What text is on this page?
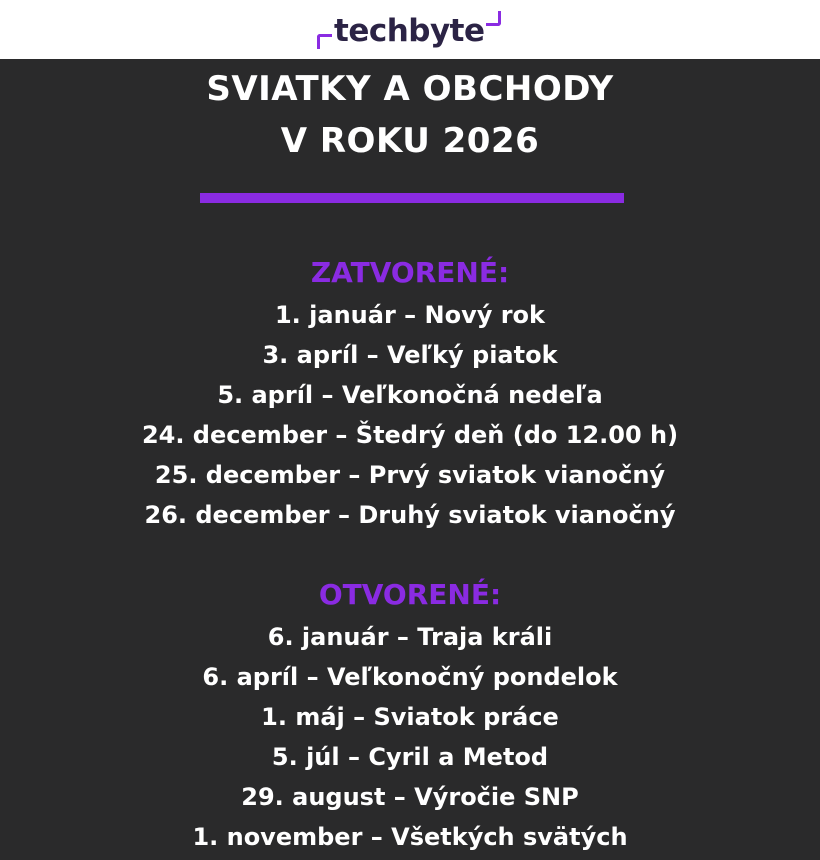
techbyte
SVIATKY A OBCHODY
V ROKU 2026
ZATVORENÉ:
1. január – Nový rok
3. apríl – Veľký piatok
5. apríl – Veľkonočná nedeľa
24. december – Štedrý deň (do 12.00 h)
25. december – Prvý sviatok vianočný
26. december – Druhý sviatok vianočný
OTVORENÉ:
6. január – Traja králi
6. apríl – Veľkonočný pondelok
1. máj – Sviatok práce
5. júl – Cyril a Metod
29. august – Výročie SNP
1. november – Všetkých svätých
